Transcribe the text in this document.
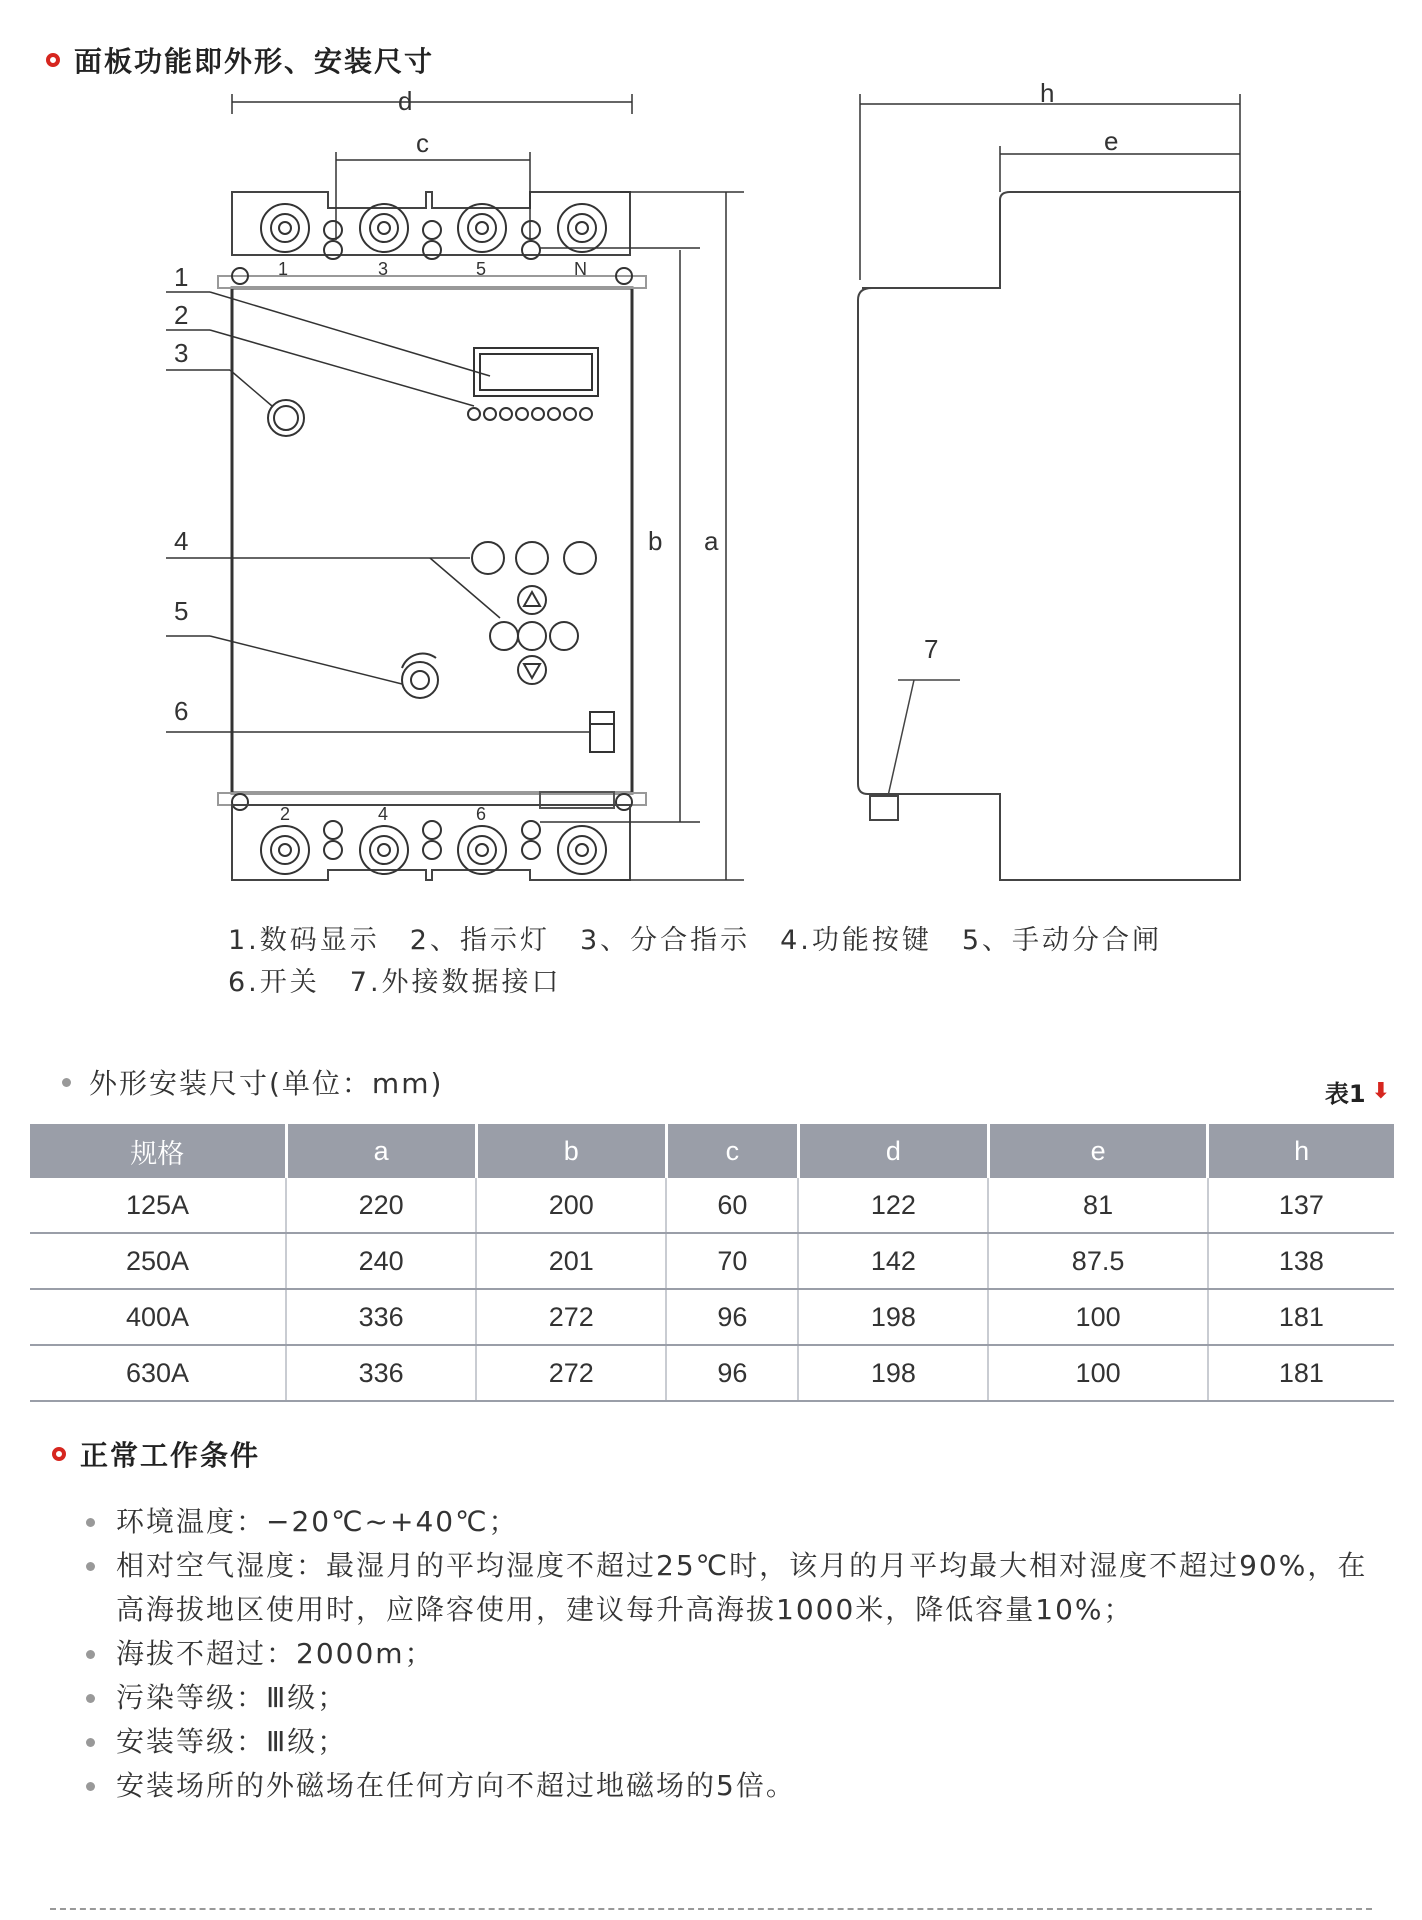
面板功能即外形、安装尺寸
1	3	5	N
2	4	6
d
c
b a
1
2
3
4
5
6
7
h
e
1.数码显示　2、指示灯　3、分合指示　4.功能按键　5、手动分合闸
6.开关　7.外接数据接口
外形安装尺寸(单位：mm)	表1 ⬇
规格	a	b	c	d	e	h
125A	220	200	60	122	81	137
250A	240	201	70	142	87.5	138
400A	336	272	96	198	100	181
630A	336	272	96	198	100	181
正常工作条件
环境温度：−20℃~+40℃；
相对空气湿度：最湿月的平均湿度不超过25℃时，该月的月平均最大相对湿度不超过90%，在高海拔地区使用时，应降容使用，建议每升高海拔1000米，降低容量10%；
海拔不超过：2000m；
污染等级：Ⅲ级；
安装等级：Ⅲ级；
安装场所的外磁场在任何方向不超过地磁场的5倍。
